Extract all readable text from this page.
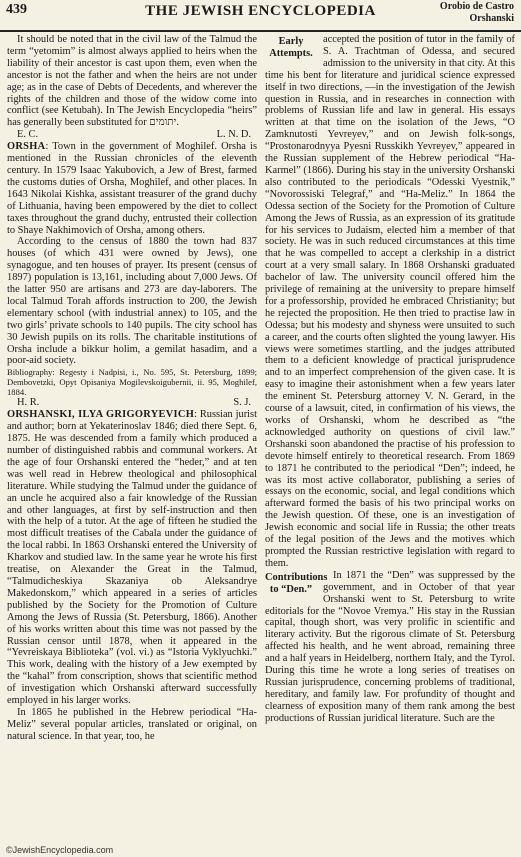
439	THE JEWISH ENCYCLOPEDIA	Orobio de Castro
Orshanski

It should be noted that in the civil law of the Talmud the term “yetomim” is almost always applied to heirs when the liability of their ancestor is cast upon them, even when the ancestor is not the father and when the heirs are not under age; as in the case of Debts of Decedents, and wherever the rights of the children and those of the widow come into conflict (see Ketubah). In The Jewish Encyclopedia “heirs” has generally been substituted for יתומים.

E. C.	L. N. D.

ORSHA: Town in the government of Moghilef. Orsha is mentioned in the Russian chronicles of the eleventh century. In 1579 Isaac Yakubovich, a Jew of Brest, farmed the customs duties of Orsha, Moghilef, and other places. In 1643 Nikolai Kishka, assistant treasurer of the grand duchy of Lithuania, having been empowered by the diet to collect taxes throughout the grand duchy, entrusted their collection to Shaye Nakhimovich of Orsha, among others.

According to the census of 1880 the town had 837 houses (of which 431 were owned by Jews), one synagogue, and ten houses of prayer. Its present (census of 1897) population is 13,161, including about 7,000 Jews. Of the latter 950 are artisans and 273 are day-laborers. The local Talmud Torah affords instruction to 200, the Jewish elementary school (with industrial annex) to 105, and the two girls’ private schools to 140 pupils. The city school has 30 Jewish pupils on its rolls. The charitable institutions of Orsha include a bikkur holim, a gemilat hasadim, and a poor-aid society.

Bibliography: Regesty i Nadpisi, i., No. 595, St. Petersburg, 1899; Dembovetzki, Opyt Opisaniya Mogilevskoigubernii, ii. 95, Moghilef, 1884.

H. R.	S. J.

ORSHANSKI, ILYA GRIGORYEVICH: Russian jurist and author; born at Yekaterinoslav 1846; died there Sept. 6, 1875. He was descended from a family which produced a number of distinguished rabbis and communal workers. At the age of four Orshanski entered the “heder,” and at ten was well read in Hebrew theological and philosophical literature. While studying the Talmud under the guidance of an uncle he acquired also a fair knowledge of the Russian and other languages, at first by self-instruction and then with the help of a tutor. At the age of fifteen he studied the most difficult treatises of the Cabala under the guidance of the local rabbi. In 1863 Orshanski entered the University of Kharkov and studied law. In the same year he wrote his first treatise, on Alexander the Great in the Talmud, “Talmudicheskiya Skazaniya ob Aleksandrye Makedonskom,” which appeared in a series of articles published by the Society for the Promotion of Culture Among the Jews of Russia (St. Petersburg, 1866). Another of his works written about this time was not passed by the Russian censor until 1878, when it appeared in the “Yevreiskaya Biblioteka” (vol. vi.) as “Istoria Vyklyuchki.” This work, dealing with the history of a Jew exempted by the “kahal” from conscription, shows that scientific method of investigation which Orshanski afterward successfully employed in his larger works.

In 1865 he published in the Hebrew periodical “Ha-Meliz” several popular articles, translated or original, on natural science. In that year, too, he

Early Attempts.
accepted the position of tutor in the family of S. A. Trachtman of Odessa, and secured admission to the university in that city. At this time his bent for literature and juridical science expressed itself in two directions, —in the investigation of the Jewish question in Russia, and in researches in connection with problems of Russian life and law in general. His essays written at that time on the isolation of the Jews, “O Zamknutosti Yevreyev,” and on Jewish folk-songs, “Prostonarodnyya Pyesni Russkikh Yevreyev,” appeared in the Russian supplement of the Hebrew periodical “Ha-Karmel” (1866). During his stay in the university Orshanski also contributed to the periodicals “Odesski Vyestnik,” “Novorossiski Telegraf,” and “Ha-Meliz.” In 1864 the Odessa section of the Society for the Promotion of Culture Among the Jews of Russia, as an expression of its gratitude for his services to Judaism, elected him a member of that society. He was in such reduced circumstances at this time that he was compelled to accept a clerkship in a district court at a very small salary. In 1868 Orshanski graduated bachelor of law. The university council offered him the privilege of remaining at the university to prepare himself for a professorship, provided he embraced Christianity; but he rejected the proposition. He then tried to practise law in Odessa; but his modesty and shyness were unsuited to such a career, and the courts often slighted the young lawyer. His views were sometimes startling, and the judges attributed them to a deficient knowledge of practical jurisprudence and to an imperfect comprehension of the given case. It is easy to imagine their astonishment when a few years later the eminent St. Petersburg attorney V. N. Gerard, in the course of a lawsuit, cited, in confirmation of his views, the works of Orshanski, whom he described as “the acknowledged authority on questions of civil law.” Orshanski soon abandoned the practise of his profession to devote himself entirely to theoretical research. From 1869 to 1871 he contributed to the periodical “Den”; indeed, he was its most active collaborator, publishing a series of essays on the economic, social, and legal conditions which afterward formed the basis of his two principal works on the Jewish question. Of these, one is an investigation of Jewish economic and social life in Russia; the other treats of the legal position of the Jews and the motives which prompted the Russian restrictive legislation with regard to them.

Contributions to “Den.”
In 1871 the “Den” was suppressed by the government, and in October of that year Orshanski went to St. Petersburg to write editorials for the “Novoe Vremya.” His stay in the Russian capital, though short, was very prolific in scientific and literary activity. But the rigorous climate of St. Petersburg affected his health, and he went abroad, remaining three and a half years in Heidelberg, northern Italy, and the Tyrol. During this time he wrote a long series of treatises on Russian jurisprudence, concerning problems of traditional, hereditary, and family law. For profundity of thought and clearness of exposition many of them rank among the best productions of Russian juridical literature. Such are the

©JewishEncyclopedia.com
